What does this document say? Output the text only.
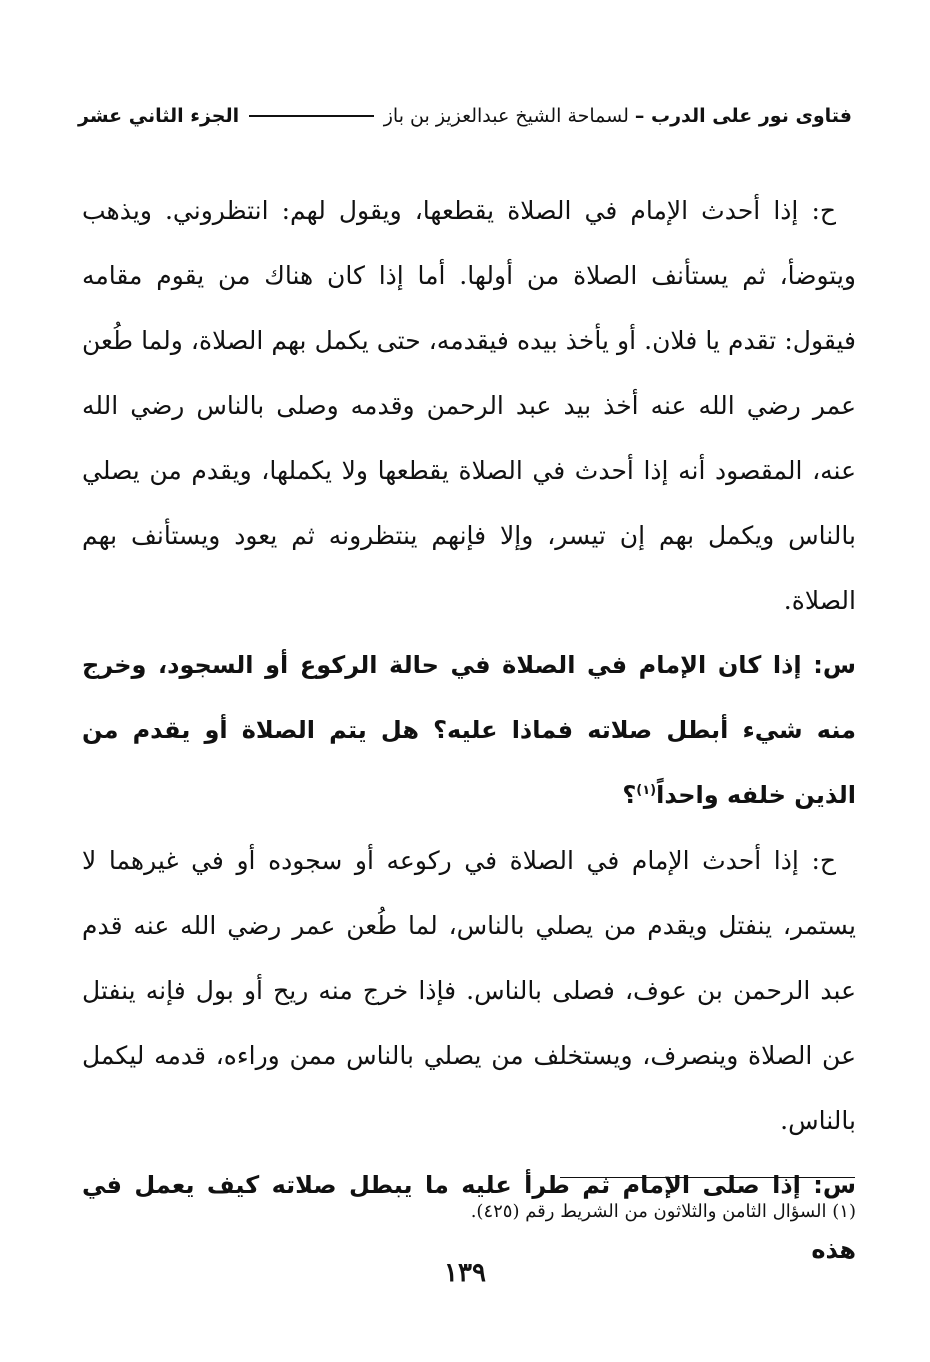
فتاوى نور على الدرب –
لسماحة الشيخ عبدالعزيز بن باز
الجزء الثاني عشر

ح: إذا أحدث الإمام في الصلاة يقطعها، ويقول لهم: انتظروني. ويذهب ويتوضأ، ثم يستأنف الصلاة من أولها. أما إذا كان هناك من يقوم مقامه فيقول: تقدم يا فلان. أو يأخذ بيده فيقدمه، حتى يكمل بهم الصلاة، ولما طُعن عمر رضي الله عنه أخذ بيد عبد الرحمن وقدمه وصلى بالناس رضي الله عنه، المقصود أنه إذا أحدث في الصلاة يقطعها ولا يكملها، ويقدم من يصلي بالناس ويكمل بهم إن تيسر، وإلا فإنهم ينتظرونه ثم يعود ويستأنف بهم الصلاة.

س: إذا كان الإمام في الصلاة في حالة الركوع أو السجود، وخرج منه شيء أبطل صلاته فماذا عليه؟ هل يتم الصلاة أو يقدم من الذين خلفه واحداً$^{(١)}$؟

ح: إذا أحدث الإمام في الصلاة في ركوعه أو سجوده أو في غيرهما لا يستمر، ينفتل ويقدم من يصلي بالناس، لما طُعن عمر رضي الله عنه قدم عبد الرحمن بن عوف، فصلى بالناس. فإذا خرج منه ريح أو بول فإنه ينفتل عن الصلاة وينصرف، ويستخلف من يصلي بالناس ممن وراءه، قدمه ليكمل بالناس.

س: إذا صلى الإمام ثم طرأ عليه ما يبطل صلاته كيف يعمل في هذه

(١) السؤال الثامن والثلاثون من الشريط رقم (٤٢٥).
١٣٩
